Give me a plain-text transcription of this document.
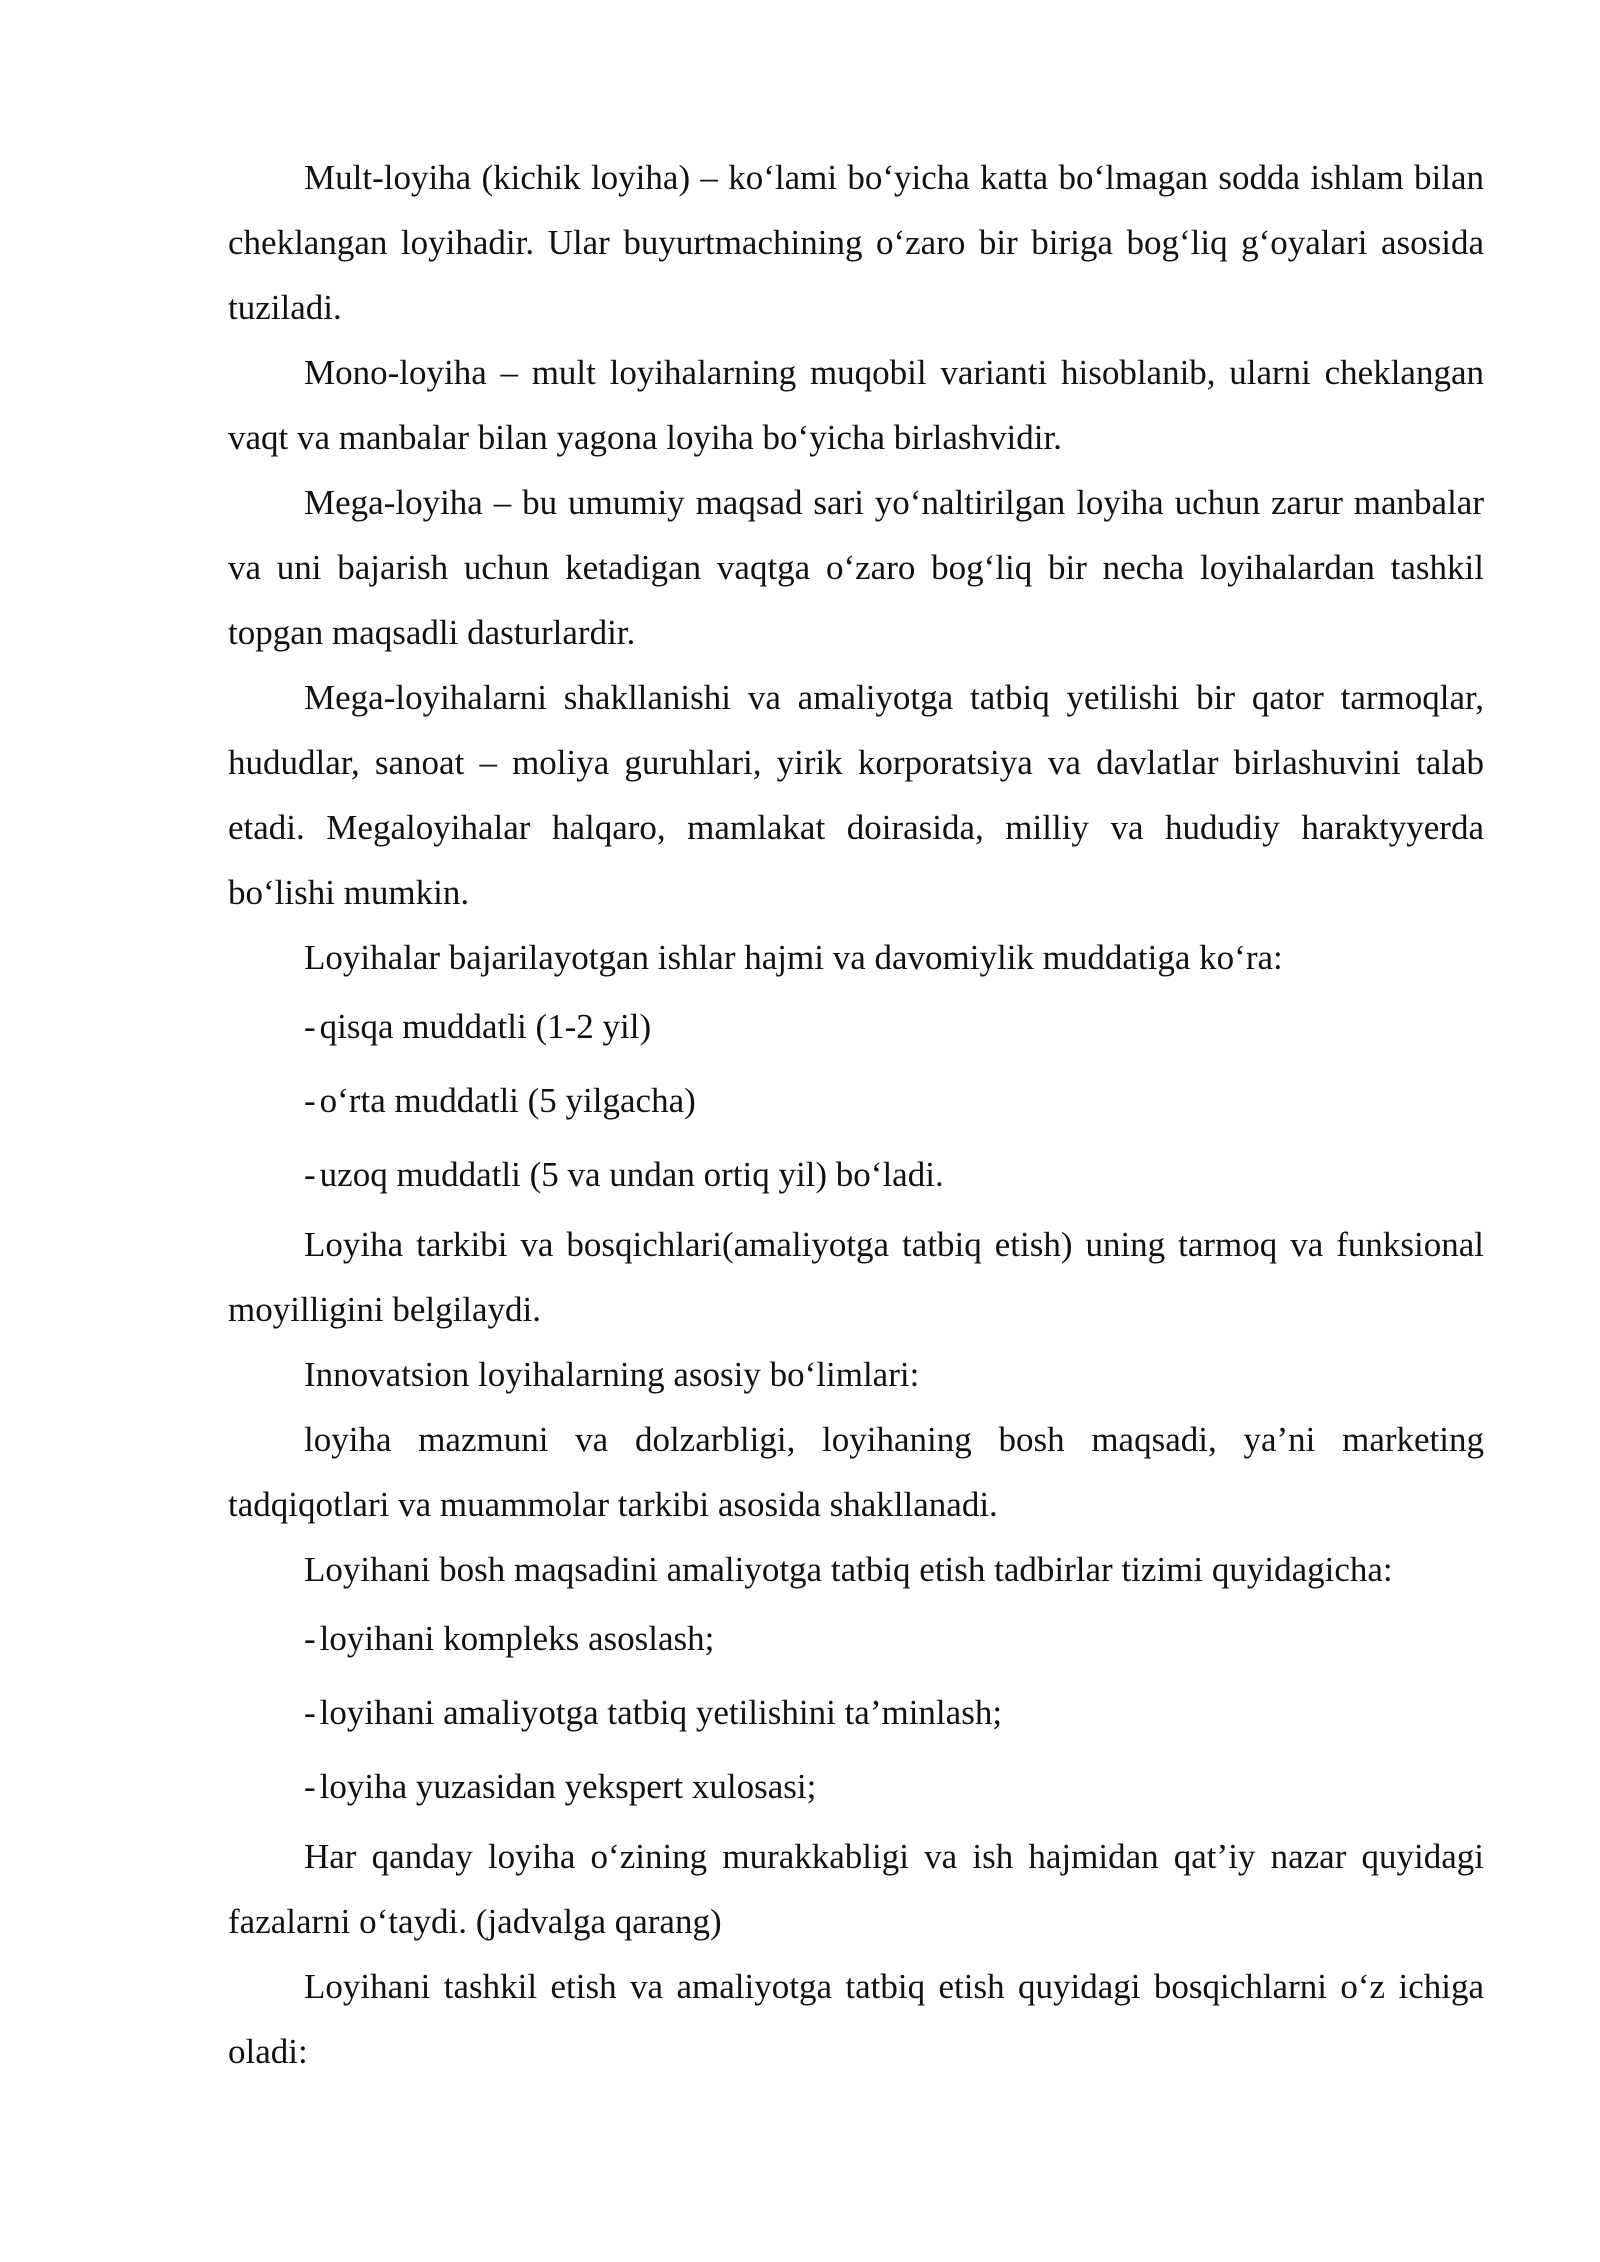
Mult-loyiha (kichik loyiha) – ko‘lami bo‘yicha katta bo‘lmagan sodda ishlam bilan cheklangan loyihadir. Ular buyurtmachining o‘zaro bir biriga bog‘liq g‘oyalari asosida tuziladi.

Mono-loyiha – mult loyihalarning muqobil varianti hisoblanib, ularni cheklangan vaqt va manbalar bilan yagona loyiha bo‘yicha birlashvidir.

Mega-loyiha – bu umumiy maqsad sari yo‘naltirilgan loyiha uchun zarur manbalar va uni bajarish uchun ketadigan vaqtga o‘zaro bog‘liq bir necha loyihalardan tashkil topgan maqsadli dasturlardir.

Mega-loyihalarni shakllanishi va amaliyotga tatbiq yetilishi bir qator tarmoqlar, hududlar, sanoat – moliya guruhlari, yirik korporatsiya va davlatlar birlashuvini talab etadi. Megaloyihalar halqaro, mamlakat doirasida, milliy va hududiy haraktyyerda bo‘lishi mumkin.

Loyihalar bajarilayotgan ishlar hajmi va davomiylik muddatiga ko‘ra:

- qisqa muddatli (1-2 yil)

- o‘rta muddatli (5 yilgacha)

- uzoq muddatli (5 va undan ortiq yil) bo‘ladi.

Loyiha tarkibi va bosqichlari(amaliyotga tatbiq etish) uning tarmoq va funksional moyilligini belgilaydi.

Innovatsion loyihalarning asosiy bo‘limlari:

loyiha mazmuni va dolzarbligi, loyihaning bosh maqsadi, ya’ni marketing tadqiqotlari va muammolar tarkibi asosida shakllanadi.

Loyihani bosh maqsadini amaliyotga tatbiq etish tadbirlar tizimi quyidagicha:

- loyihani kompleks asoslash;

- loyihani amaliyotga tatbiq yetilishini ta’minlash;

- loyiha yuzasidan yekspert xulosasi;

Har qanday loyiha o‘zining murakkabligi va ish hajmidan qat’iy nazar quyidagi fazalarni o‘taydi. (jadvalga qarang)

Loyihani tashkil etish va amaliyotga tatbiq etish quyidagi bosqichlarni o‘z ichiga oladi:
